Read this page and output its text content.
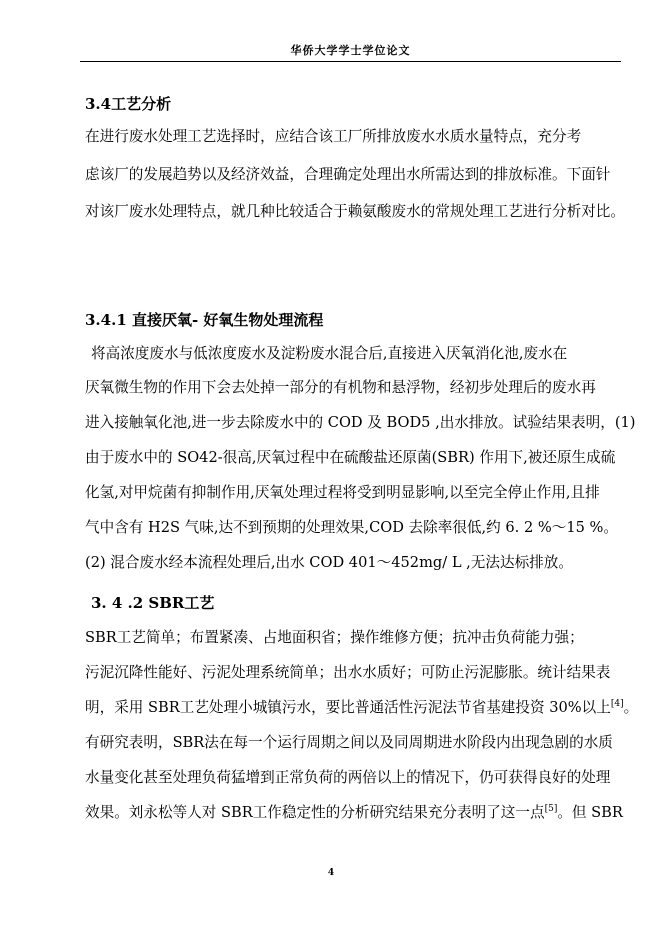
华侨大学学士学位论文
3.4工艺分析
在进行废水处理工艺选择时，应结合该工厂所排放废水水质水量特点，充分考
虑该厂的发展趋势以及经济效益，合理确定处理出水所需达到的排放标准。下面针
对该厂废水处理特点，就几种比较适合于赖氨酸废水的常规处理工艺进行分析对比。
3.4.1 直接厌氧- 好氧生物处理流程
将高浓度废水与低浓度废水及淀粉废水混合后,直接进入厌氧消化池,废水在
厌氧微生物的作用下会去处掉一部分的有机物和悬浮物，经初步处理后的废水再
进入接触氧化池,进一步去除废水中的 COD 及 BOD5 ,出水排放。试验结果表明，(1)
由于废水中的 SO42-很高,厌氧过程中在硫酸盐还原菌(SBR) 作用下,被还原生成硫
化氢,对甲烷菌有抑制作用,厌氧处理过程将受到明显影响,以至完全停止作用,且排
气中含有 H2S 气味,达不到预期的处理效果,COD 去除率很低,约 6. 2 %～15 %。
(2) 混合废水经本流程处理后,出水 COD 401～452mg/ L ,无法达标排放。
3. 4 .2 SBR工艺
SBR工艺简单；布置紧凑、占地面积省；操作维修方便；抗冲击负荷能力强；
污泥沉降性能好、污泥处理系统简单；出水水质好；可防止污泥膨胀。统计结果表
明，采用 SBR工艺处理小城镇污水，要比普通活性污泥法节省基建投资 30%以上[4]。
有研究表明，SBR法在每一个运行周期之间以及同周期进水阶段内出现急剧的水质
水量变化甚至处理负荷猛增到正常负荷的两倍以上的情况下，仍可获得良好的处理
效果。刘永松等人对 SBR工作稳定性的分析研究结果充分表明了这一点[5]。但 SBR
4
